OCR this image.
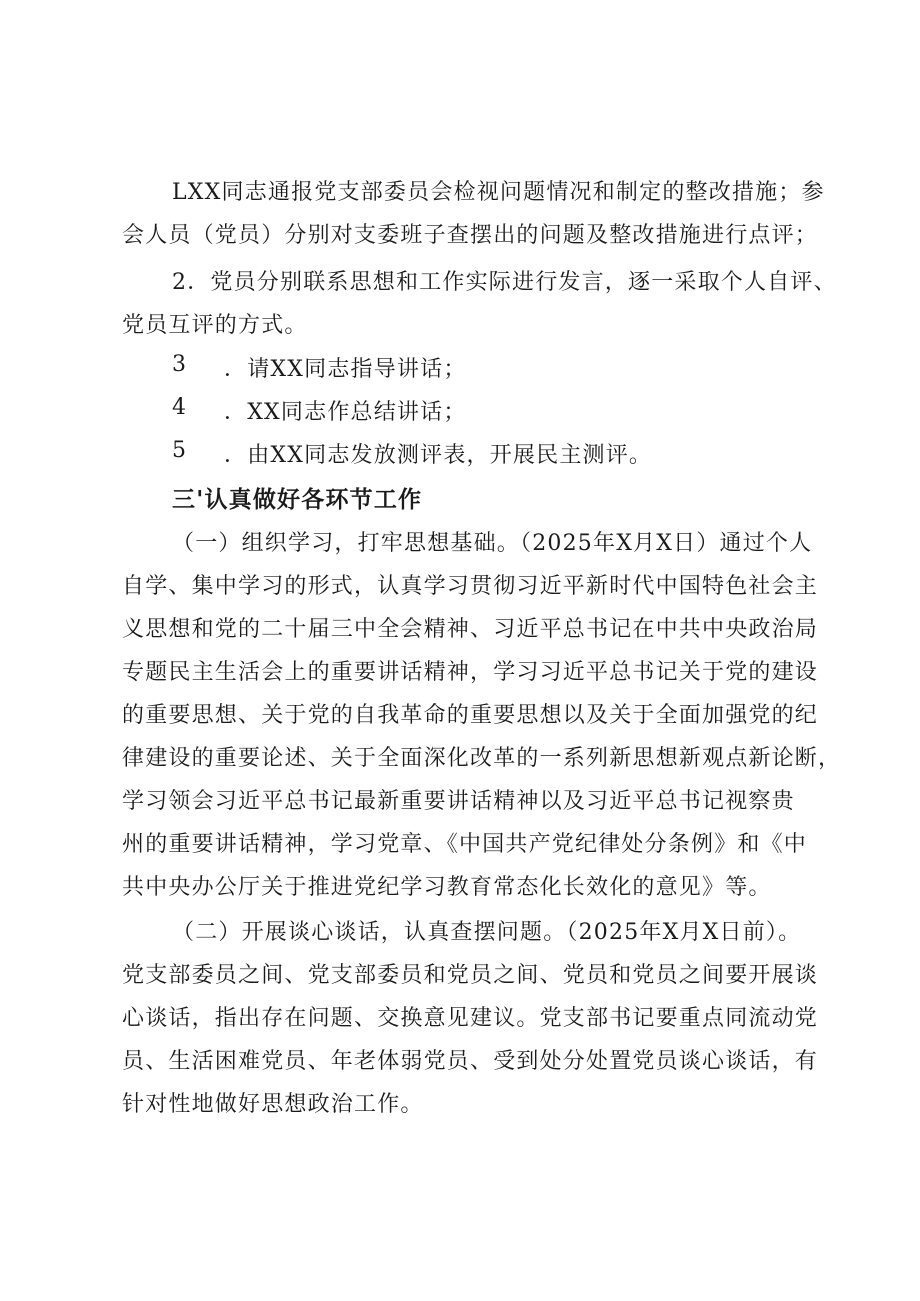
LXX同志通报党支部委员会检视问题情况和制定的整改措施；参
会人员（党员）分别对支委班子查摆出的问题及整改措施进行点评；
2．党员分别联系思想和工作实际进行发言，逐一采取个人自评、
党员互评的方式。
3 ．请XX同志指导讲话；
4 ．XX同志作总结讲话；
5 ．由XX同志发放测评表，开展民主测评。
三'认真做好各环节工作
（一）组织学习，打牢思想基础。（2025年X月X日）通过个人
自学、集中学习的形式，认真学习贯彻习近平新时代中国特色社会主
义思想和党的二十届三中全会精神、习近平总书记在中共中央政治局
专题民主生活会上的重要讲话精神，学习习近平总书记关于党的建设
的重要思想、关于党的自我革命的重要思想以及关于全面加强党的纪
律建设的重要论述、关于全面深化改革的一系列新思想新观点新论断，
学习领会习近平总书记最新重要讲话精神以及习近平总书记视察贵
州的重要讲话精神，学习党章、《中国共产党纪律处分条例》和《中
共中央办公厅关于推进党纪学习教育常态化长效化的意见》等。
（二）开展谈心谈话，认真查摆问题。（2025年X月X日前）。
党支部委员之间、党支部委员和党员之间、党员和党员之间要开展谈
心谈话，指出存在问题、交换意见建议。党支部书记要重点同流动党
员、生活困难党员、年老体弱党员、受到处分处置党员谈心谈话，有
针对性地做好思想政治工作。
